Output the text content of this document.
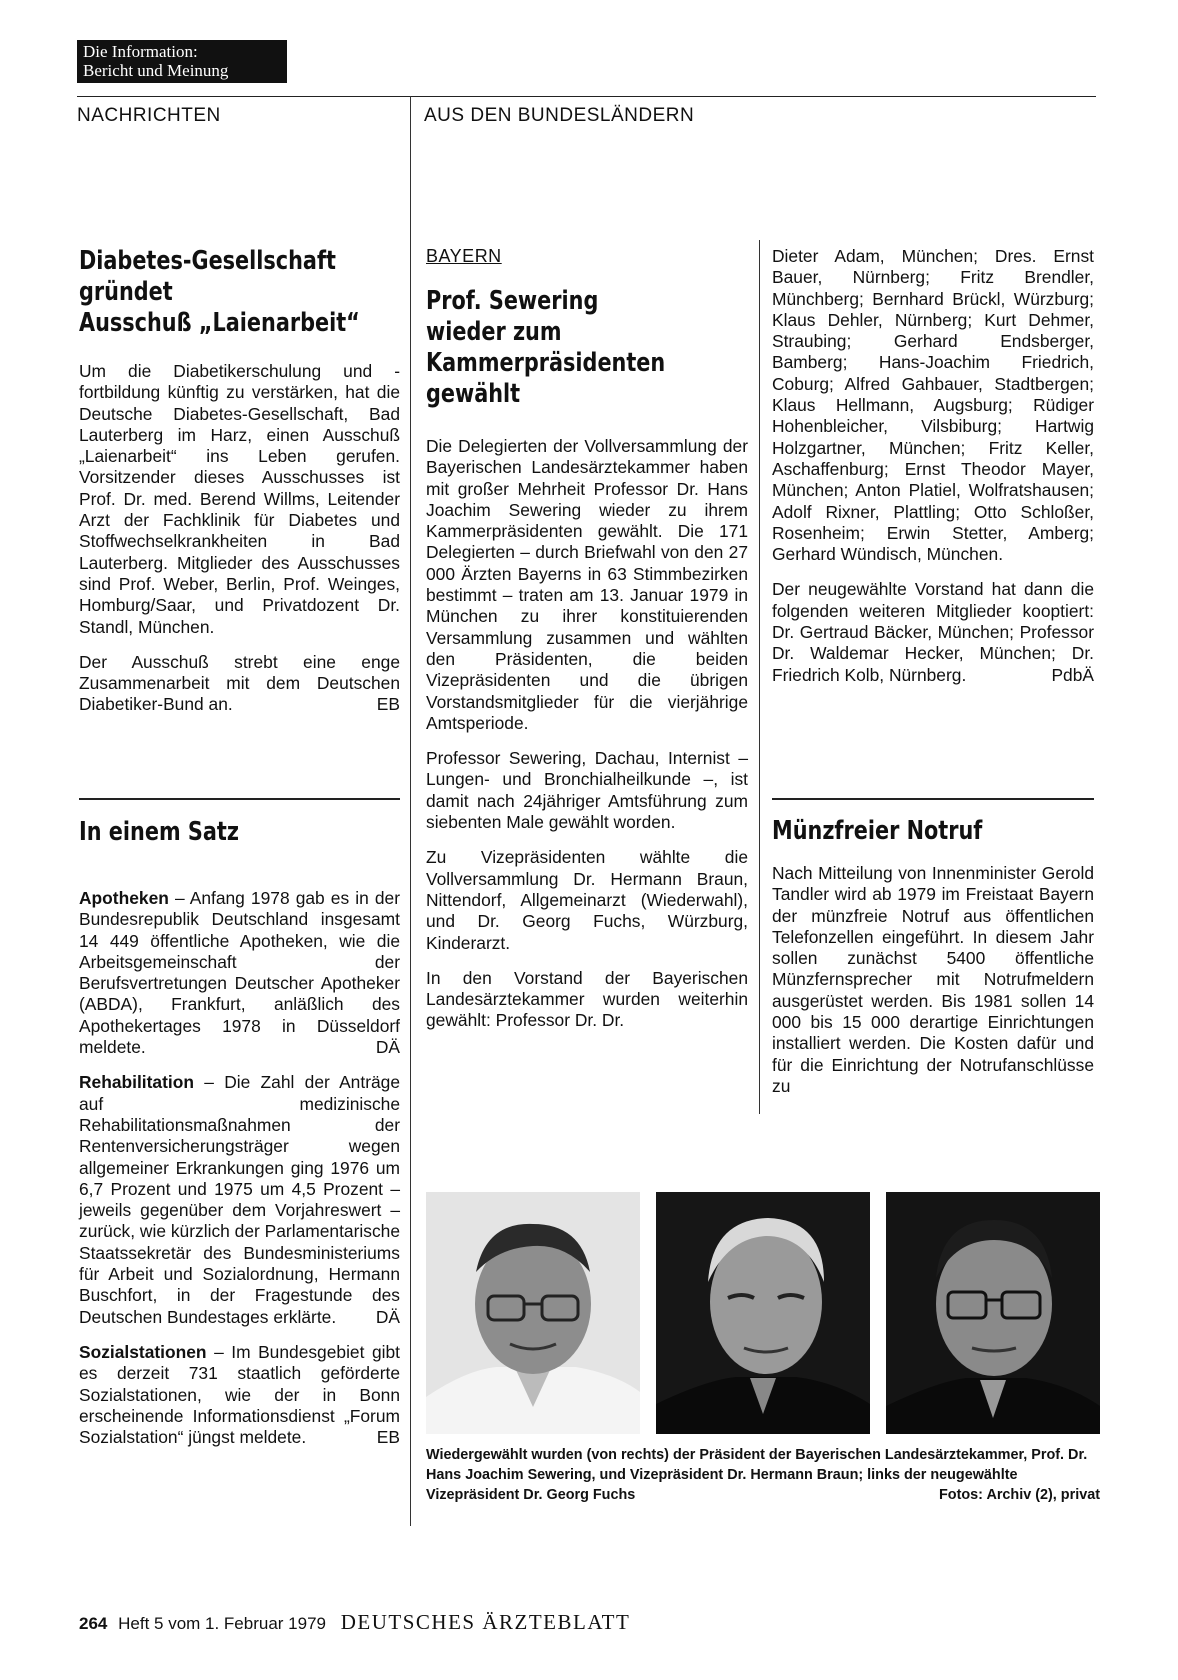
Die Information:
Bericht und Meinung
NACHRICHTEN	AUS DEN BUNDESLÄNDERN
Diabetes-Gesellschaft
gründet
Ausschuß „Laienarbeit“

Um die Diabetikerschulung und -fortbildung künftig zu verstärken, hat die Deutsche Diabetes-Gesellschaft, Bad Lauterberg im Harz, einen Ausschuß „Laienarbeit“ ins Leben gerufen. Vorsitzender dieses Ausschusses ist Prof. Dr. med. Berend Willms, Leitender Arzt der Fachklinik für Diabetes und Stoffwechselkrankheiten in Bad Lauterberg. Mitglieder des Ausschusses sind Prof. Weber, Berlin, Prof. Weinges, Homburg/Saar, und Privatdozent Dr. Standl, München.

Der Ausschuß strebt eine enge Zusammenarbeit mit dem Deutschen Diabetiker-Bund an.	EB

In einem Satz

Apotheken – Anfang 1978 gab es in der Bundesrepublik Deutschland insgesamt 14 449 öffentliche Apotheken, wie die Arbeitsgemeinschaft der Berufsvertretungen Deutscher Apotheker (ABDA), Frankfurt, anläßlich des Apothekertages 1978 in Düsseldorf meldete.	DÄ

Rehabilitation – Die Zahl der Anträge auf medizinische Rehabilitationsmaßnahmen der Rentenversicherungsträger wegen allgemeiner Erkrankungen ging 1976 um 6,7 Prozent und 1975 um 4,5 Prozent – jeweils gegenüber dem Vorjahreswert – zurück, wie kürzlich der Parlamentarische Staatssekretär des Bundesministeriums für Arbeit und Sozialordnung, Hermann Buschfort, in der Fragestunde des Deutschen Bundestages erklärte. DÄ

Sozialstationen – Im Bundesgebiet gibt es derzeit 731 staatlich geförderte Sozialstationen, wie der in Bonn erscheinende Informationsdienst „Forum Sozialstation“ jüngst meldete.	EB

BAYERN
Prof. Sewering
wieder zum
Kammerpräsidenten
gewählt

Die Delegierten der Vollversammlung der Bayerischen Landesärztekammer haben mit großer Mehrheit Professor Dr. Hans Joachim Sewering wieder zu ihrem Kammerpräsidenten gewählt. Die 171 Delegierten – durch Briefwahl von den 27 000 Ärzten Bayerns in 63 Stimmbezirken bestimmt – traten am 13. Januar 1979 in München zu ihrer konstituierenden Versammlung zusammen und wählten den Präsidenten, die beiden Vizepräsidenten und die übrigen Vorstandsmitglieder für die vierjährige Amtsperiode.

Professor Sewering, Dachau, Internist – Lungen- und Bronchialheilkunde –, ist damit nach 24jähriger Amtsführung zum siebenten Male gewählt worden.

Zu Vizepräsidenten wählte die Vollversammlung Dr. Hermann Braun, Nittendorf, Allgemeinarzt (Wiederwahl), und Dr. Georg Fuchs, Würzburg, Kinderarzt.

In den Vorstand der Bayerischen Landesärztekammer wurden weiterhin gewählt: Professor Dr. Dr.

Dieter Adam, München; Dres. Ernst Bauer, Nürnberg; Fritz Brendler, Münchberg; Bernhard Brückl, Würzburg; Klaus Dehler, Nürnberg; Kurt Dehmer, Straubing; Gerhard Endsberger, Bamberg; Hans-Joachim Friedrich, Coburg; Alfred Gahbauer, Stadtbergen; Klaus Hellmann, Augsburg; Rüdiger Hohenbleicher, Vilsbiburg; Hartwig Holzgartner, München; Fritz Keller, Aschaffenburg; Ernst Theodor Mayer, München; Anton Platiel, Wolfratshausen; Adolf Rixner, Plattling; Otto Schloßer, Rosenheim; Erwin Stetter, Amberg; Gerhard Wündisch, München.

Der neugewählte Vorstand hat dann die folgenden weiteren Mitglieder kooptiert: Dr. Gertraud Bäcker, München; Professor Dr. Waldemar Hecker, München; Dr. Friedrich Kolb, Nürnberg.	PdbÄ

Münzfreier Notruf

Nach Mitteilung von Innenminister Gerold Tandler wird ab 1979 im Freistaat Bayern der münzfreie Notruf aus öffentlichen Telefonzellen eingeführt. In diesem Jahr sollen zunächst 5400 öffentliche Münzfernsprecher mit Notrufmeldern ausgerüstet werden. Bis 1981 sollen 14 000 bis 15 000 derartige Einrichtungen installiert werden. Die Kosten dafür und für die Einrichtung der Notrufanschlüsse zu

Wiedergewählt wurden (von rechts) der Präsident der Bayerischen Landesärztekammer, Prof. Dr. Hans Joachim Sewering, und Vizepräsident Dr. Hermann Braun; links der neugewählte Vizepräsident Dr. Georg Fuchs	Fotos: Archiv (2), privat
264 Heft 5 vom 1. Februar 1979 DEUTSCHES ÄRZTEBLATT
